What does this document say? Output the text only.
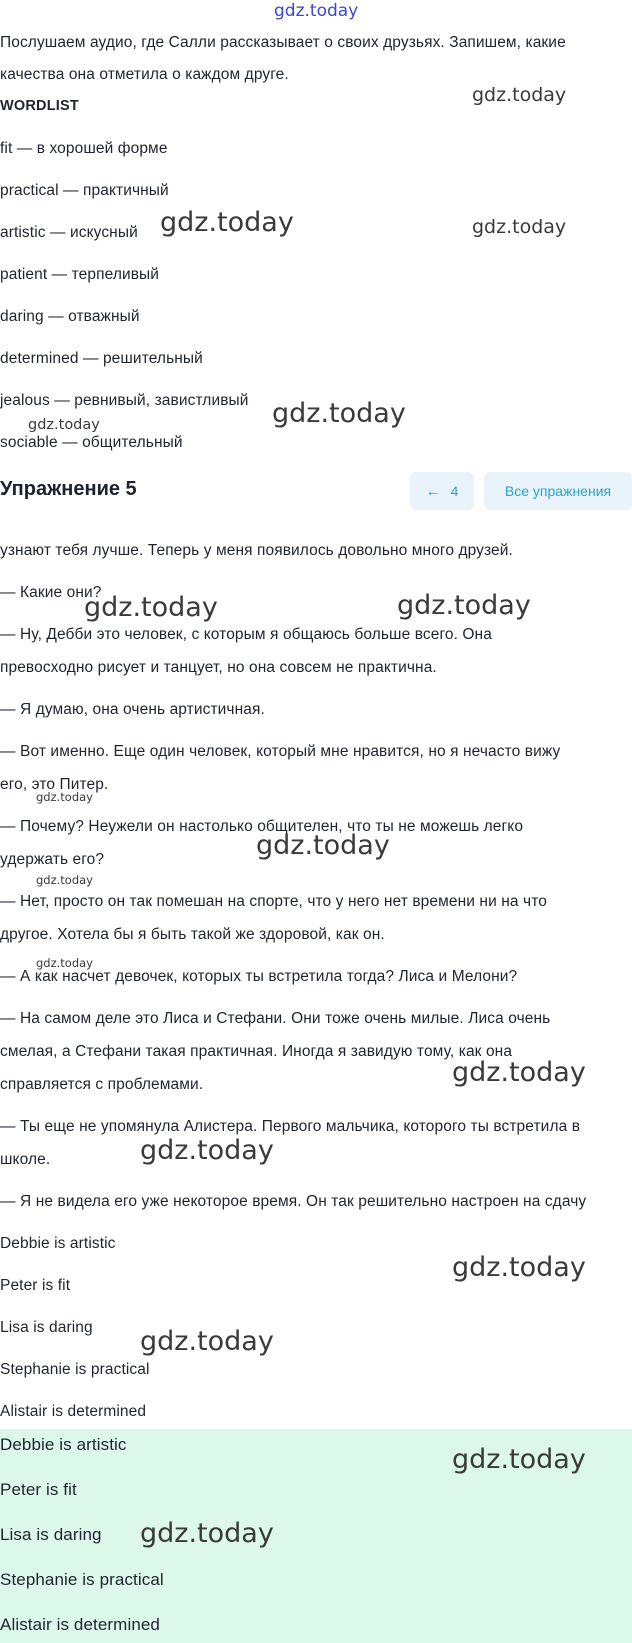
gdz.today
Послушаем аудио, где Салли рассказывает о своих друзьях. Запишем, какие
качества она отметила о каждом друге.
WORDLIST
fit — в хорошей форме
practical — практичный
artistic — искусный
patient — терпеливый
daring — отважный
determined — решительный
jealous — ревнивый, завистливый
sociable — общительный
Упражнение 5	← 4	Все упражнения
узнают тебя лучше. Теперь у меня появилось довольно много друзей.
— Какие они?
— Ну, Дебби это человек, с которым я общаюсь больше всего. Она
превосходно рисует и танцует, но она совсем не практична.
— Я думаю, она очень артистичная.
— Вот именно. Еще один человек, который мне нравится, но я нечасто вижу
его, это Питер.
— Почему? Неужели он настолько общителен, что ты не можешь легко
удержать его?
— Нет, просто он так помешан на спорте, что у него нет времени ни на что
другое. Хотела бы я быть такой же здоровой, как он.
— А как насчет девочек, которых ты встретила тогда? Лиса и Мелони?
— На самом деле это Лиса и Стефани. Они тоже очень милые. Лиса очень
смелая, а Стефани такая практичная. Иногда я завидую тому, как она
справляется с проблемами.
— Ты еще не упомянула Алистера. Первого мальчика, которого ты встретила в
школе.
— Я не видела его уже некоторое время. Он так решительно настроен на сдачу
Debbie is artistic
Peter is fit
Lisa is daring
Stephanie is practical
Alistair is determined
Debbie is artistic
Peter is fit
Lisa is daring
Stephanie is practical
Alistair is determined
gdz.today
gdz.today	gdz.today
gdz.today
gdz.today
gdz.today	gdz.today
gdz.today
gdz.today
gdz.today
gdz.today
gdz.today
gdz.today
gdz.today
gdz.today
gdz.today
gdz.today
